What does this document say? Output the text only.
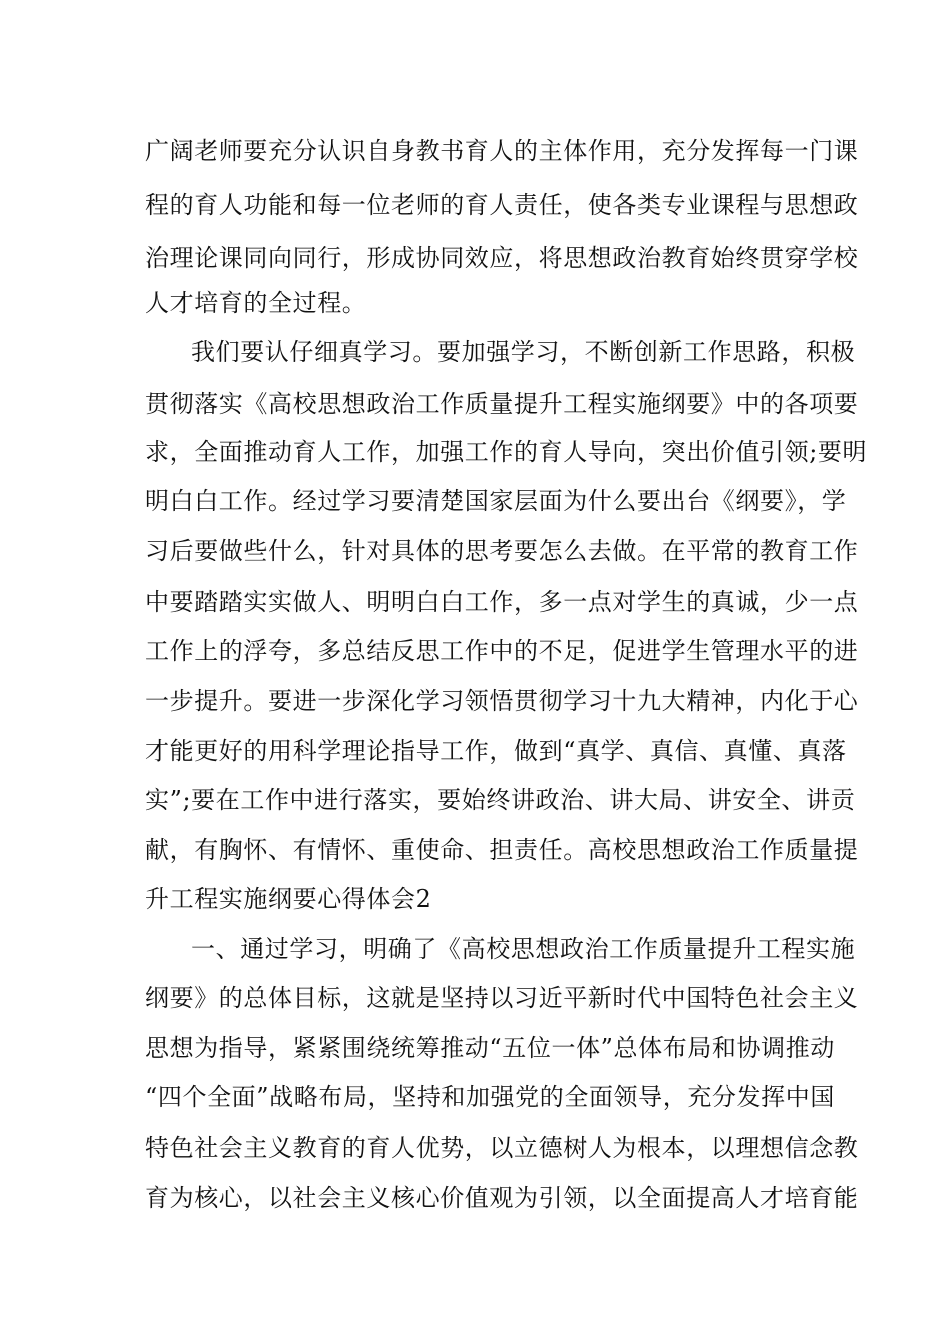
广阔老师要充分认识自身教书育人的主体作用，充分发挥每一门课
程的育人功能和每一位老师的育人责任，使各类专业课程与思想政
治理论课同向同行，形成协同效应，将思想政治教育始终贯穿学校
人才培育的全过程。
我们要认仔细真学习。要加强学习，不断创新工作思路，积极
贯彻落实《高校思想政治工作质量提升工程实施纲要》中的各项要
求，全面推动育人工作，加强工作的育人导向，突出价值引领;要明
明白白工作。经过学习要清楚国家层面为什么要出台《纲要》，学
习后要做些什么，针对具体的思考要怎么去做。在平常的教育工作
中要踏踏实实做人、明明白白工作，多一点对学生的真诚，少一点
工作上的浮夸，多总结反思工作中的不足，促进学生管理水平的进
一步提升。要进一步深化学习领悟贯彻学习十九大精神，内化于心
才能更好的用科学理论指导工作，做到“真学、真信、真懂、真落
实”;要在工作中进行落实，要始终讲政治、讲大局、讲安全、讲贡
献，有胸怀、有情怀、重使命、担责任。高校思想政治工作质量提
升工程实施纲要心得体会2
一、通过学习，明确了《高校思想政治工作质量提升工程实施
纲要》的总体目标，这就是坚持以习近平新时代中国特色社会主义
思想为指导，紧紧围绕统筹推动“五位一体”总体布局和协调推动
“四个全面”战略布局，坚持和加强党的全面领导，充分发挥中国
特色社会主义教育的育人优势，以立德树人为根本，以理想信念教
育为核心，以社会主义核心价值观为引领，以全面提高人才培育能
